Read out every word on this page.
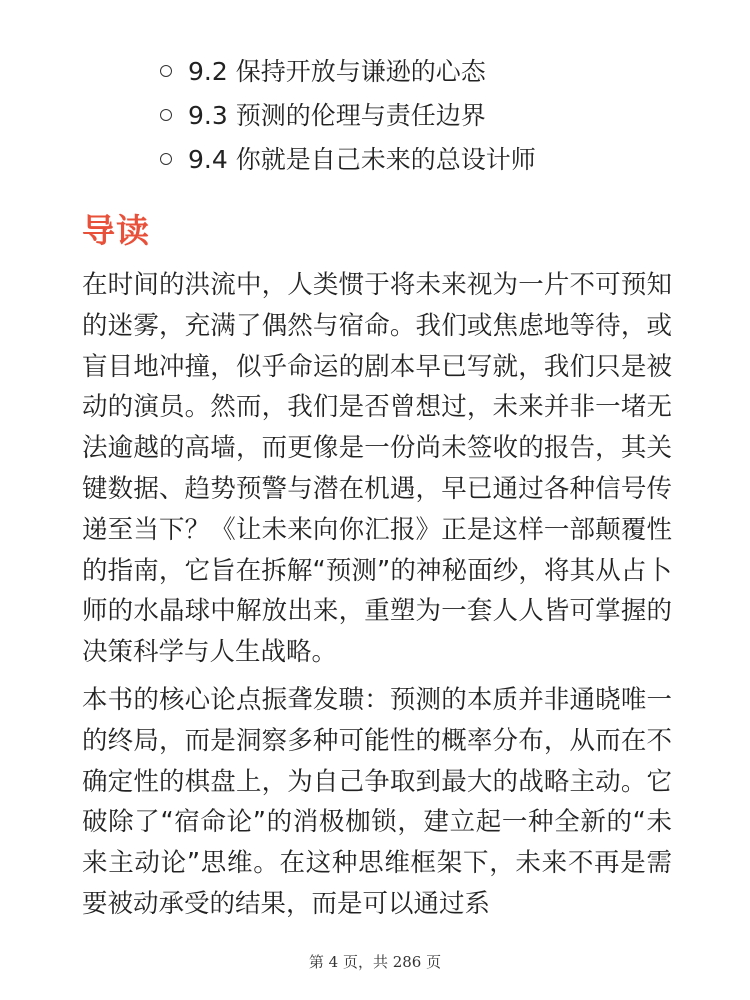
9.2 保持开放与谦逊的心态
9.3 预测的伦理与责任边界
9.4 你就是自己未来的总设计师
导读

在时间的洪流中，人类惯于将未来视为一片不可预知的迷雾，充满了偶然与宿命。我们或焦虑地等待，或盲目地冲撞，似乎命运的剧本早已写就，我们只是被动的演员。然而，我们是否曾想过，未来并非一堵无法逾越的高墙，而更像是一份尚未签收的报告，其关键数据、趋势预警与潜在机遇，早已通过各种信号传递至当下？《让未来向你汇报》正是这样一部颠覆性的指南，它旨在拆解“预测”的神秘面纱，将其从占卜师的水晶球中解放出来，重塑为一套人人皆可掌握的决策科学与人生战略。

本书的核心论点振聋发聩：预测的本质并非通晓唯一的终局，而是洞察多种可能性的概率分布，从而在不确定性的棋盘上，为自己争取到最大的战略主动。它破除了“宿命论”的消极枷锁，建立起一种全新的“未来主动论”思维。在这种思维框架下，未来不再是需要被动承受的结果，而是可以通过系

第 4 页，共 286 页
